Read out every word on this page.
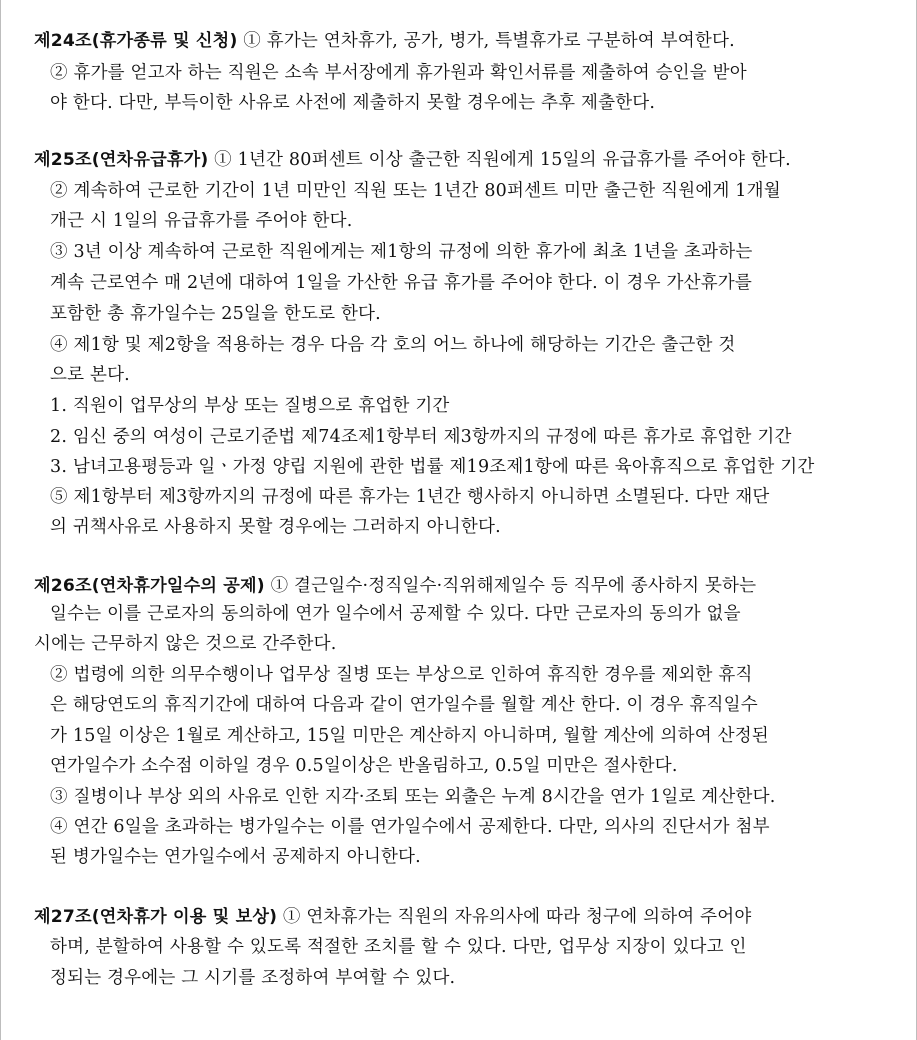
제24조(휴가종류 및 신청) ① 휴가는 연차휴가, 공가, 병가, 특별휴가로 구분하여 부여한다.
② 휴가를 얻고자 하는 직원은 소속 부서장에게 휴가원과 확인서류를 제출하여 승인을 받아
야 한다. 다만, 부득이한 사유로 사전에 제출하지 못할 경우에는 추후 제출한다.
제25조(연차유급휴가) ① 1년간 80퍼센트 이상 출근한 직원에게 15일의 유급휴가를 주어야 한다.
② 계속하여 근로한 기간이 1년 미만인 직원 또는 1년간 80퍼센트 미만 출근한 직원에게 1개월
개근 시 1일의 유급휴가를 주어야 한다.
③ 3년 이상 계속하여 근로한 직원에게는 제1항의 규정에 의한 휴가에 최초 1년을 초과하는
계속 근로연수 매 2년에 대하여 1일을 가산한 유급 휴가를 주어야 한다. 이 경우 가산휴가를
포함한 총 휴가일수는 25일을 한도로 한다.
④ 제1항 및 제2항을 적용하는 경우 다음 각 호의 어느 하나에 해당하는 기간은 출근한 것
으로 본다.
1. 직원이 업무상의 부상 또는 질병으로 휴업한 기간
2. 임신 중의 여성이 근로기준법 제74조제1항부터 제3항까지의 규정에 따른 휴가로 휴업한 기간
3. 남녀고용평등과 일ㆍ가정 양립 지원에 관한 법률 제19조제1항에 따른 육아휴직으로 휴업한 기간
⑤ 제1항부터 제3항까지의 규정에 따른 휴가는 1년간 행사하지 아니하면 소멸된다. 다만 재단
의 귀책사유로 사용하지 못할 경우에는 그러하지 아니한다.
제26조(연차휴가일수의 공제) ① 결근일수·정직일수·직위해제일수 등 직무에 종사하지 못하는
일수는 이를 근로자의 동의하에 연가 일수에서 공제할 수 있다. 다만 근로자의 동의가 없을
시에는 근무하지 않은 것으로 간주한다.
② 법령에 의한 의무수행이나 업무상 질병 또는 부상으로 인하여 휴직한 경우를 제외한 휴직
은 해당연도의 휴직기간에 대하여 다음과 같이 연가일수를 월할 계산 한다. 이 경우 휴직일수
가 15일 이상은 1월로 계산하고, 15일 미만은 계산하지 아니하며, 월할 계산에 의하여 산정된
연가일수가 소수점 이하일 경우 0.5일이상은 반올림하고, 0.5일 미만은 절사한다.
③ 질병이나 부상 외의 사유로 인한 지각·조퇴 또는 외출은 누계 8시간을 연가 1일로 계산한다.
④ 연간 6일을 초과하는 병가일수는 이를 연가일수에서 공제한다. 다만, 의사의 진단서가 첨부
된 병가일수는 연가일수에서 공제하지 아니한다.
제27조(연차휴가 이용 및 보상) ① 연차휴가는 직원의 자유의사에 따라 청구에 의하여 주어야
하며, 분할하여 사용할 수 있도록 적절한 조치를 할 수 있다. 다만, 업무상 지장이 있다고 인
정되는 경우에는 그 시기를 조정하여 부여할 수 있다.
